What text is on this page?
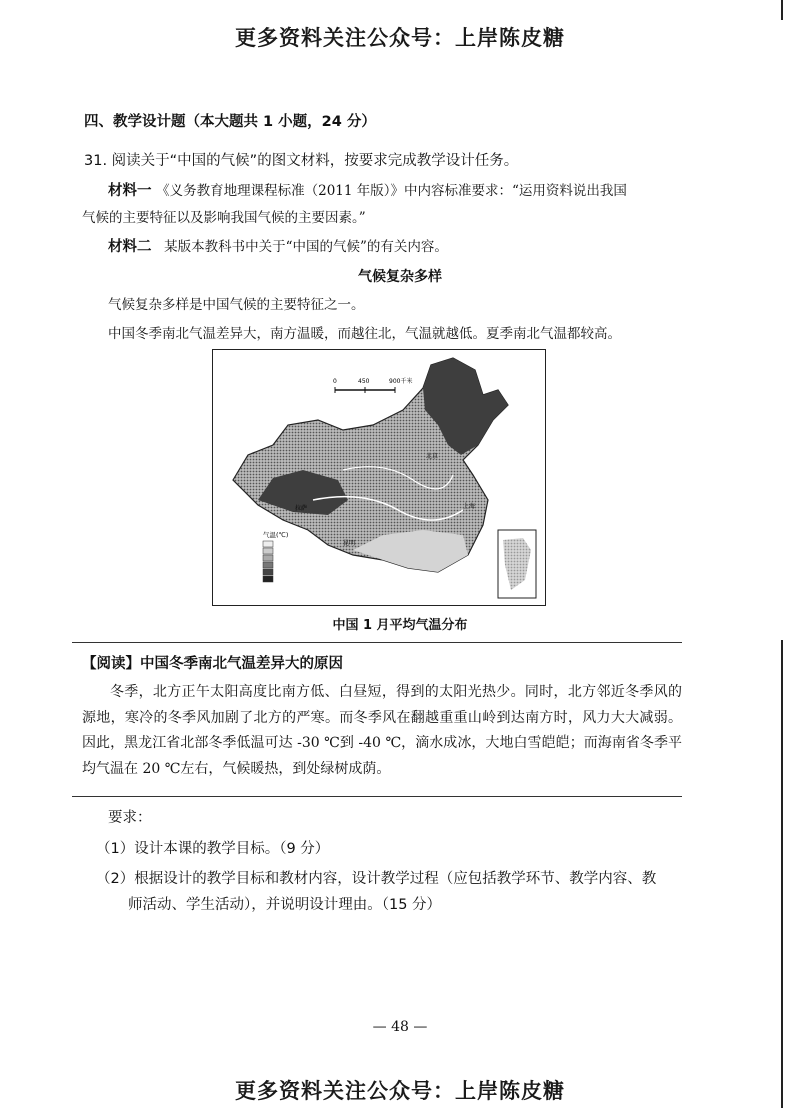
更多资料关注公众号：上岸陈皮糖
四、教学设计题（本大题共 1 小题，24 分）
31. 阅读关于“中国的气候”的图文材料，按要求完成教学设计任务。
材料一 《义务教育地理课程标准（2011 年版）》中内容标准要求：“运用资料说出我国
气候的主要特征以及影响我国气候的主要因素。”
材料二 某版本教科书中关于“中国的气候”的有关内容。
气候复杂多样
气候复杂多样是中国气候的主要特征之一。
中国冬季南北气温差异大，南方温暖，而越往北，气温就越低。夏季南北气温都较高。
0	450	900千米
北京
上海
拉萨
昆明
气温(℃)
中国 1 月平均气温分布
【阅读】中国冬季南北气温差异大的原因
冬季，北方正午太阳高度比南方低、白昼短，得到的太阳光热少。同时，北方邻近冬季风的源地，寒冷的冬季风加剧了北方的严寒。而冬季风在翻越重重山岭到达南方时，风力大大减弱。因此，黑龙江省北部冬季低温可达 -30 ℃到 -40 ℃，滴水成冰，大地白雪皑皑；而海南省冬季平均气温在 20 ℃左右，气候暖热，到处绿树成荫。
要求：
（1）设计本课的教学目标。（9 分）
（2）根据设计的教学目标和教材内容，设计教学过程（应包括教学环节、教学内容、教
师活动、学生活动），并说明设计理由。（15 分）
— 48 —
更多资料关注公众号：上岸陈皮糖
